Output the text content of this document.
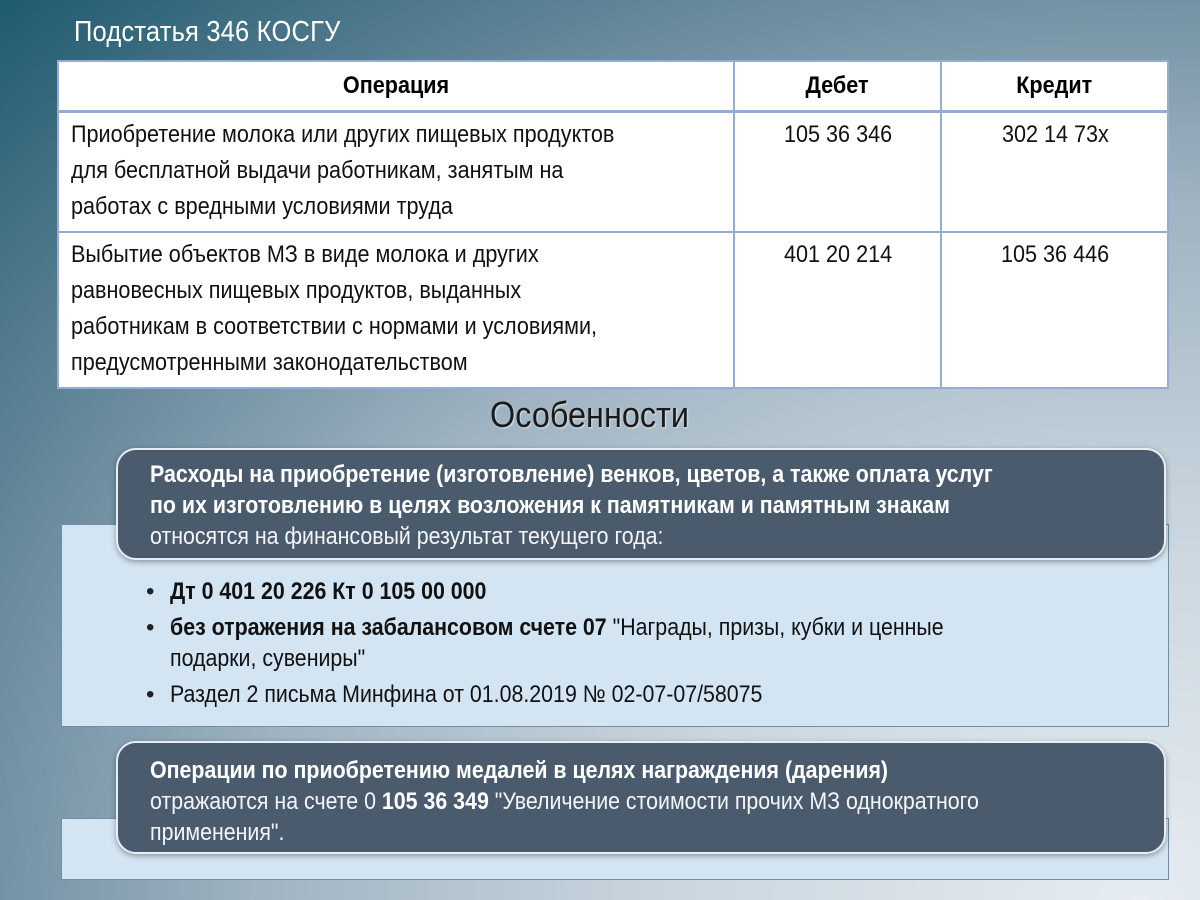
Подстатья 346 КОСГУ
Операция	Дебет	Кредит
Приобретение молока или других пищевых продуктов
для бесплатной выдачи работникам, занятым на
работах с вредными условиями труда	105 36 346	302 14 73х
Выбытие объектов МЗ в виде молока и других
равновесных пищевых продуктов, выданных
работникам в соответствии с нормами и условиями,
предусмотренными законодательством	401 20 214	105 36 446
Особенности
Расходы на приобретение (изготовление) венков, цветов, а также оплата услуг
по их изготовлению в целях возложения к памятникам и памятным знакам
относятся на финансовый результат текущего года:
• Дт 0 401 20 226 Кт 0 105 00 000
• без отражения на забалансовом счете 07 "Награды, призы, кубки и ценные
подарки, сувениры"
• Раздел 2 письма Минфина от 01.08.2019 № 02-07-07/58075
Операции по приобретению медалей в целях награждения (дарения)
отражаются на счете 0 105 36 349 "Увеличение стоимости прочих МЗ однократного
применения".
